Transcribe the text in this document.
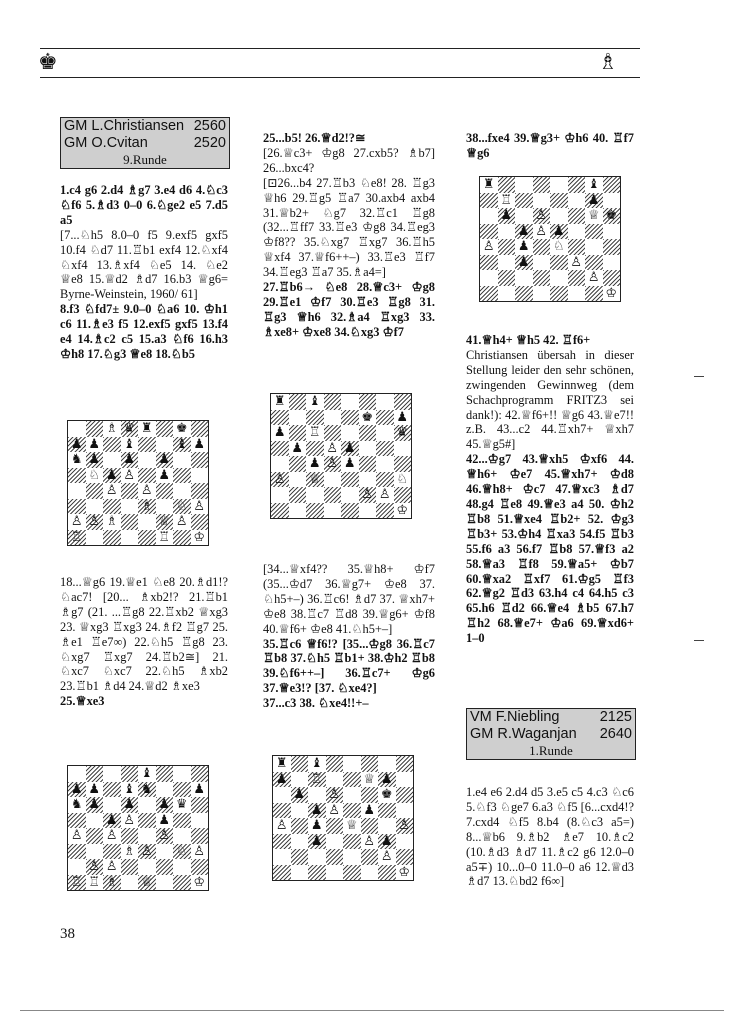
♚	♗
GM L.Christiansen 2560
GM O.Cvitan	2520
9.Runde

1.c4 g6 2.d4 ♗g7 3.e4 d6 4.♘c3 ♘f6 5.♗d3 0–0 6.♘ge2 e5 7.d5 a5

[7...♘h5 8.0–0 f5 9.exf5 gxf5 10.f4 ♘d7 11.♖b1 exf4 12.♘xf4 ♘xf4 13.♗xf4 ♘e5 14. ♘e2 ♕e8 15.♕d2 ♗d7 16.b3 ♕g6= Byrne-Weinstein, 1960/ 61]

8.f3 ♘fd7± 9.0–0 ♘a6 10. ♔h1 c6 11.♗e3 f5 12.exf5 gxf5 13.f4 e4 14.♗c2 c5 15.a3 ♘f6 16.h3 ♔h8 17.♘g3 ♕e8 18.♘b5

♗ ♛ ♜ ♚
♟ ♟ ♝	♝ ♟
♞ ♟ ♟ ♟
♘ ♟ ♙ ♟
♙ ♙
♗ ♘ ♙
♙ ♙ ♗	♕ ♙
♖	♖ ♔

18...♕g6 19.♕e1 ♘e8 20.♗d1!? ♘ac7! [20... ♗xb2!? 21.♖b1 ♗g7 (21. ...♖g8 22.♖xb2 ♕xg3 23. ♕xg3 ♖xg3 24.♗f2 ♖g7 25. ♗e1 ♖e7∞) 22.♘h5 ♖g8 23. ♘xg7 ♖xg7 24.♖b2≅] 21. ♘xc7 ♘xc7 22.♘h5 ♗xb2 23.♖b1 ♗d4 24.♕d2 ♗xe3

25.♕xe3

♝
♟ ♟ ♝ ♞	♟
♞ ♟ ♟ ♟ ♛
♟ ♙ ♟
♙ ♙	♙
♗ ♙ ♘ ♙
♙ ♙
♖ ♖ ♗ ♕	♔
38

25...b5! 26.♕d2!?≅

[26.♕c3+ ♔g8 27.cxb5? ♗b7] 26...bxc4?

[⊡26...b4 27.♖b3 ♘e8! 28. ♖g3 ♕h6 29.♖g5 ♖a7 30.axb4 axb4 31.♕b2+ ♘g7 32.♖c1 ♖g8 (32...♖ff7 33.♖e3 ♔g8 34.♖eg3 ♔f8?? 35.♘xg7 ♖xg7 36.♖h5 ♕xf4 37.♕f6++–) 33.♖e3 ♖f7 34.♖eg3 ♖a7 35.♗a4=]

27.♖b6→ ♘e8 28.♕c3+ ♔g8 29.♖e1 ♔f7 30.♖e3 ♖g8 31. ♖g3 ♕h6 32.♗a4 ♖xg3 33. ♗xe8+ ♔xe8 34.♘xg3 ♔f7

♜ ♝
♚ ♟
♟ ♖	♛
♟ ♙ ♟
♟ ♙ ♟
♙ ♕	♘
♙ ♙
♔

[34...♕xf4?? 35.♕h8+ ♔f7 (35...♔d7 36.♕g7+ ♔e8 37. ♘h5+–) 36.♖c6! ♗d7 37. ♕xh7+ ♔e8 38.♖c7 ♖d8 39.♕g6+ ♔f8 40.♕f6+ ♔e8 41.♘h5+–]

35.♖c6 ♕f6!? [35...♔g8 36.♖c7 ♖b8 37.♘h5 ♖b1+ 38.♔h2 ♖b8 39.♘f6++–] 36.♖c7+ ♔g6 37.♕e3!? [37. ♘xe4?]

37...c3 38. ♘xe4!!+–

♜ ♝
♟ ♖	♕ ♟
♟ ♙	♚
♟ ♙ ♟
♙ ♟ ♕	♙
♟	♙ ♟
♙
♔

38...fxe4 39.♕g3+ ♔h6 40. ♖f7 ♕g6

♜	♝
♖	♟
♟ ♙	♕ ♚
♟ ♙ ♟
♙ ♟ ♘
♟	♙
♙
♔

41.♕h4+ ♕h5 42. ♖f6+

Christiansen übersah in dieser Stellung leider den sehr schönen, zwingenden Gewinnweg (dem Schachprogramm FRITZ3 sei dank!): 42.♕f6+!! ♕g6 43.♕e7!! z.B. 43...c2 44.♖xh7+ ♕xh7 45.♕g5#]

42...♔g7 43.♕xh5 ♔xf6 44. ♕h6+ ♔e7 45.♕xh7+ ♔d8 46.♕h8+ ♔c7 47.♕xc3 ♗d7 48.g4 ♖e8 49.♕e3 a4 50. ♔h2 ♖b8 51.♕xe4 ♖b2+ 52. ♔g3 ♖b3+ 53.♔h4 ♖xa3 54.f5 ♖b3 55.f6 a3 56.f7 ♖b8 57.♕f3 a2 58.♕a3 ♖f8 59.♕a5+ ♔b7 60.♕xa2 ♖xf7 61.♔g5 ♖f3 62.♕g2 ♖d3 63.h4 c4 64.h5 c3 65.h6 ♖d2 66.♕e4 ♗b5 67.h7 ♖h2 68.♕e7+ ♔a6 69.♕xd6+ 1–0

VM F.Niebling	2125
GM R.Waganjan 2640
1.Runde

1.e4 e6 2.d4 d5 3.e5 c5 4.c3 ♘c6 5.♘f3 ♘ge7 6.a3 ♘f5 [6...cxd4!? 7.cxd4 ♘f5 8.b4 (8.♘c3 a5=) 8...♕b6 9.♗b2 ♗e7 10.♗c2 (10.♗d3 ♗d7 11.♗c2 g6 12.0–0 a5∓) 10...0–0 11.0–0 a6 12.♕d3 ♗d7 13.♘bd2 f6∞]
